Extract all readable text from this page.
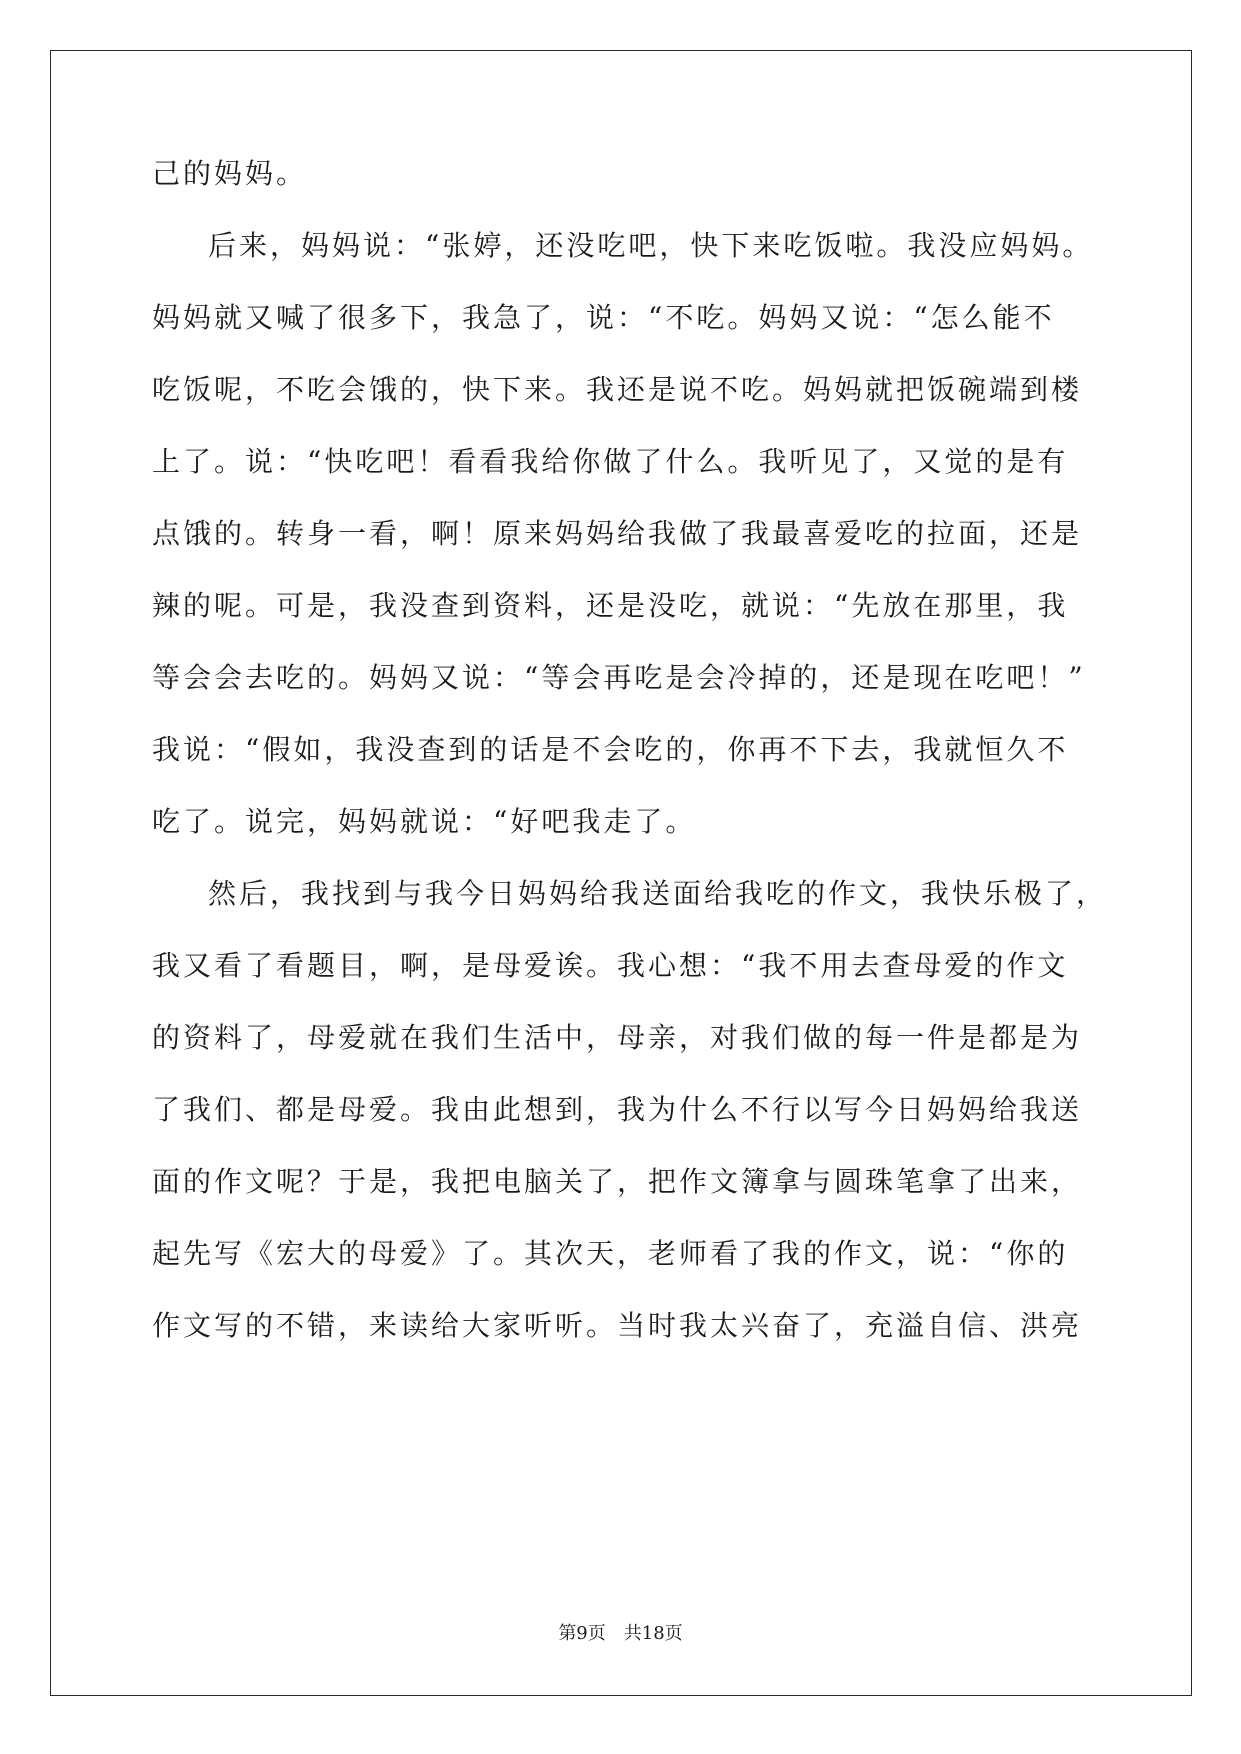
己的妈妈。
后来，妈妈说：“张婷，还没吃吧，快下来吃饭啦。我没应妈妈。
妈妈就又喊了很多下，我急了，说：“不吃。妈妈又说：“怎么能不
吃饭呢，不吃会饿的，快下来。我还是说不吃。妈妈就把饭碗端到楼
上了。说：“快吃吧！看看我给你做了什么。我听见了，又觉的是有
点饿的。转身一看，啊！原来妈妈给我做了我最喜爱吃的拉面，还是
辣的呢。可是，我没查到资料，还是没吃，就说：“先放在那里，我
等会会去吃的。妈妈又说：“等会再吃是会冷掉的，还是现在吃吧！”
我说：“假如，我没查到的话是不会吃的，你再不下去，我就恒久不
吃了。说完，妈妈就说：“好吧我走了。
然后，我找到与我今日妈妈给我送面给我吃的作文，我快乐极了，
我又看了看题目，啊，是母爱诶。我心想：“我不用去查母爱的作文
的资料了，母爱就在我们生活中，母亲，对我们做的每一件是都是为
了我们、都是母爱。我由此想到，我为什么不行以写今日妈妈给我送
面的作文呢？于是，我把电脑关了，把作文簿拿与圆珠笔拿了出来，
起先写《宏大的母爱》了。其次天，老师看了我的作文，说：“你的
作文写的不错，来读给大家听听。当时我太兴奋了，充溢自信、洪亮
第9页 共18页
